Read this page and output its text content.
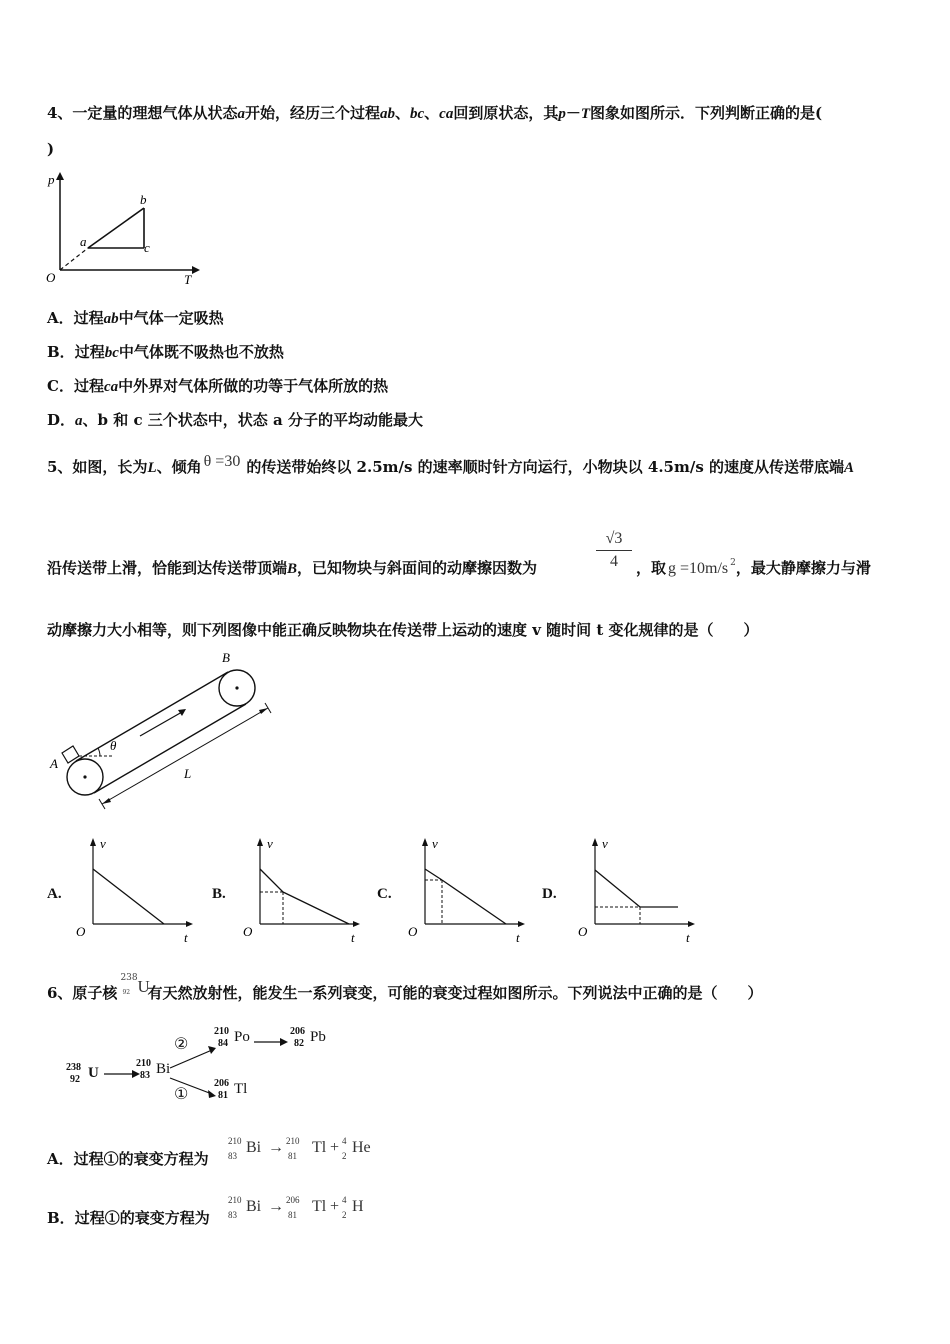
4、一定量的理想气体从状态a开始，经历三个过程ab、bc、ca回到原状态，其p－T图象如图所示．下列判断正确的是(
)
p
T
O
a
b
c
A．过程ab中气体一定吸热
B．过程bc中气体既不吸热也不放热
C．过程ca中外界对气体所做的功等于气体所放的热
D．a、b 和 c 三个状态中，状态 a 分子的平均动能最大
5、如图，长为L、倾角 θ =30 的传送带始终以 2.5m/s 的速率顺时针方向运行，小物块以 4.5m/s 的速度从传送带底端A
沿传送带上滑，恰能到达传送带顶端B，已知物块与斜面间的动摩擦因数为	$\frac{√3}{4}$ ，取 g =10m/s $^2$，最大静摩擦力与滑
动摩擦力大小相等，则下列图像中能正确反映物块在传送带上运动的速度 v 随时间 t 变化规律的是（　　）
θ
L
A
B
A.
v
t
O
B.
v
t
O
C.
v
t
O
D.
v
t
O
6、原子核
238
92 U
有天然放射性，能发生一系列衰变，可能的衰变过程如图所示。下列说法中正确的是（　　）
238
92 U
210
83 Bi
②
①
210
84 Po	206
82 Pb
206
81 Tl
A．过程①的衰变方程为
210
83 Bi → 210
81 Tl + 4
2 He
B．过程①的衰变方程为
210
83 Bi → 206
81 Tl + 4
2 H
